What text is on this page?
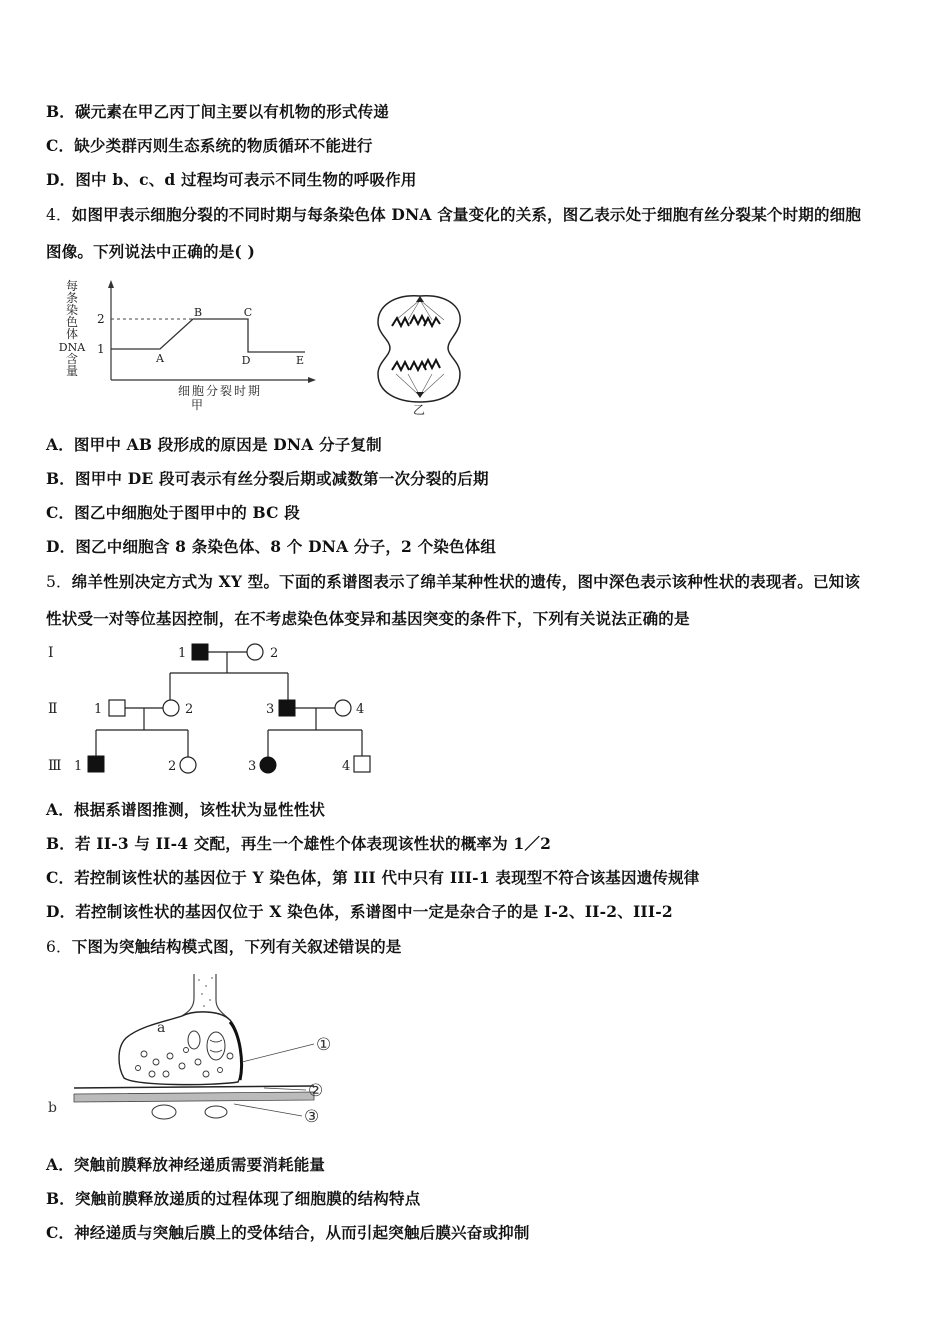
B．碳元素在甲乙丙丁间主要以有机物的形式传递
C．缺少类群丙则生态系统的物质循环不能进行
D．图中 b、c、d 过程均可表示不同生物的呼吸作用
4．如图甲表示细胞分裂的不同时期与每条染色体 DNA 含量变化的关系，图乙表示处于细胞有丝分裂某个时期的细胞
图像。下列说法中正确的是( )
每
条
染
色
体
DNA
含
量
2
1
A
B	C
D	E
细胞分裂时期
甲	乙
A．图甲中 AB 段形成的原因是 DNA 分子复制
B．图甲中 DE 段可表示有丝分裂后期或减数第一次分裂的后期
C．图乙中细胞处于图甲中的 BC 段
D．图乙中细胞含 8 条染色体、8 个 DNA 分子，2 个染色体组
5．绵羊性别决定方式为 XY 型。下面的系谱图表示了绵羊某种性状的遗传，图中深色表示该种性状的表现者。已知该
性状受一对等位基因控制，在不考虑染色体变异和基因突变的条件下，下列有关说法正确的是
Ⅰ
Ⅱ
Ⅲ
1	2
1	2	3	4
1	2	3	4
A．根据系谱图推测，该性状为显性性状
B．若 II-3 与 II-4 交配，再生一个雄性个体表现该性状的概率为 1／2
C．若控制该性状的基因位于 Y 染色体，第 III 代中只有 III-1 表现型不符合该基因遗传规律
D．若控制该性状的基因仅位于 X 染色体，系谱图中一定是杂合子的是 I-2、II-2、III-2
6．下图为突触结构模式图，下列有关叙述错误的是
a
b
①
②
③
A．突触前膜释放神经递质需要消耗能量
B．突触前膜释放递质的过程体现了细胞膜的结构特点
C．神经递质与突触后膜上的受体结合，从而引起突触后膜兴奋或抑制
